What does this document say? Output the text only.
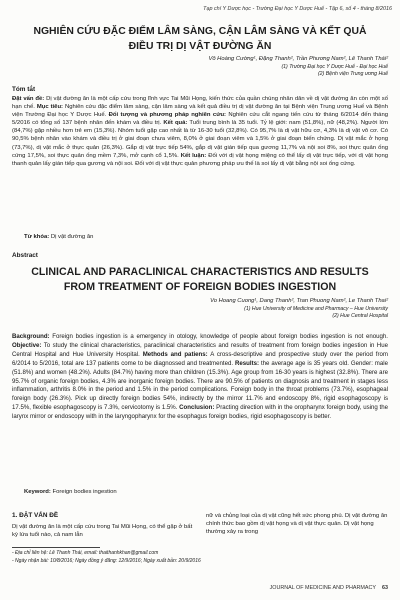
Tạp chí Y Dược học - Trường Đại học Y Dược Huế - Tập 6, số 4 - tháng 8/2016
NGHIÊN CỨU ĐẶC ĐIỂM LÂM SÀNG, CẬN LÂM SÀNG VÀ KẾT QUẢ ĐIỀU TRỊ DỊ VẬT ĐƯỜNG ĂN
Võ Hoàng Cường¹, Đặng Thanh², Trần Phương Nam², Lê Thanh Thái²
(1) Trường Đại học Y Dược Huế - Đại học Huế
(2) Bệnh viện Trung ương Huế
Tóm tắt
Đặt vấn đề: Dị vật đường ăn là một cấp cứu trong lĩnh vực Tai Mũi Họng, kiến thức của quần chúng nhân dân về dị vật đường ăn còn một số hạn chế. Mục tiêu: Nghiên cứu đặc điểm lâm sàng, cận lâm sàng và kết quả điều trị dị vật đường ăn tại Bệnh viện Trung ương Huế và Bệnh viện Trường Đại học Y Dược Huế. Đối tượng và phương pháp nghiên cứu: Nghiên cứu cắt ngang tiến cứu từ tháng 6/2014 đến tháng 5/2016 có tổng số 137 bệnh nhân đến khám và điều trị. Kết quả: Tuổi trung bình là 35 tuổi. Tỷ lệ giới: nam (51,8%), nữ (48,2%). Người lớn (84,7%) gặp nhiều hơn trẻ em (15,3%). Nhóm tuổi gặp cao nhất là từ 16-30 tuổi (32,8%). Có 95,7% là dị vật hữu cơ, 4,3% là dị vật vô cơ. Có 90,5% bệnh nhân vào khám và điều trị ở giai đoạn chưa viêm, 8,0% ở giai đoạn viêm và 1,5% ở giai đoạn biến chứng. Dị vật mắc ở họng (73,7%), dị vật mắc ở thực quản (26,3%). Gắp dị vật trực tiếp 54%, gắp dị vật gián tiếp qua gương 11,7% và nội soi 8%, soi thực quản ống cứng 17,5%, soi thực quản ống mềm 7,3%, mở cạnh cổ 1,5%. Kết luận: Đối với dị vật họng miệng có thể lấy dị vật trực tiếp, với dị vật họng thanh quản lấy gián tiếp qua gương và nội soi. Đối với dị vật thực quản phương pháp ưu thế là soi lấy dị vật bằng nội soi ống cứng.
Từ khóa: Dị vật đường ăn
Abstract
CLINICAL AND PARACLINICAL CHARACTERISTICS AND RESULTS FROM TREATMENT OF FOREIGN BODIES INGESTION
Vo Hoang Cuong¹, Dang Thanh², Tran Phuong Nam², Le Thanh Thai²
(1) Hue University of Medicine and Pharmacy – Hue University
(2) Hue Central Hospital
Background: Foreign bodies ingestion is a emergency in otology, knowledge of people about foreign bodies ingestion is not enough. Objective: To study the clinical characteristics, paraclinical characteristics and results of treatment from foreign bodies ingestion in Hue Central Hospital and Hue University Hospital. Methods and patiens: A cross-descriptive and prospective study over the period from 6/2014 to 5/2016, total are 137 patients come to be diagnossed and treatmented. Results: the average age is 35 years old. Gender: male (51.8%) and women (48.2%). Adults (84.7%) having more than children (15.3%). Age group from 16-30 years is highest (32.8%). There are 95.7% of organic foreign bodies, 4.3% are inorganic foreign bodies. There are 90.5% of patients on diagnosis and treatment in stages less inflammation, arthritis 8.0% in the period and 1.5% in the period complications. Foreign body in the throat problems (73.7%), esophageal foreign body (26.3%). Pick up directly foreign bodies 54%, indirectly by the mirror 11.7% and endoscopy 8%, rigid esophagoscopy is 17.5%, flexible esophagoscopy is 7.3%, cervicotomy is 1.5%. Conclusion: Practing direction with in the oropharynx foreign body, using the larynx mirror or endoscopy with in the laryngopharynx for the esophagus foreign bodies, rigid esophagoscopy is better.
Keyword: Foreign bodies ingestion
1. ĐẶT VẤN ĐỀ
Dị vật đường ăn là một cấp cứu trong Tai Mũi Họng, có thể gặp ở bất kỳ lứa tuổi nào, cả nam lẫn
nữ và chủng loại của dị vật cũng hết sức phong phú. Dị vật đường ăn chính thức bao gồm dị vật họng và dị vật thực quản. Dị vật họng thường xảy ra trong
- Địa chỉ liên hệ: Lê Thanh Thái, email: thaithanhkhan@gmail.com
- Ngày nhận bài: 10/8/2016; Ngày đồng ý đăng: 12/9/2016; Ngày xuất bản: 20/9/2016
JOURNAL OF MEDICINE AND PHARMACY 63
